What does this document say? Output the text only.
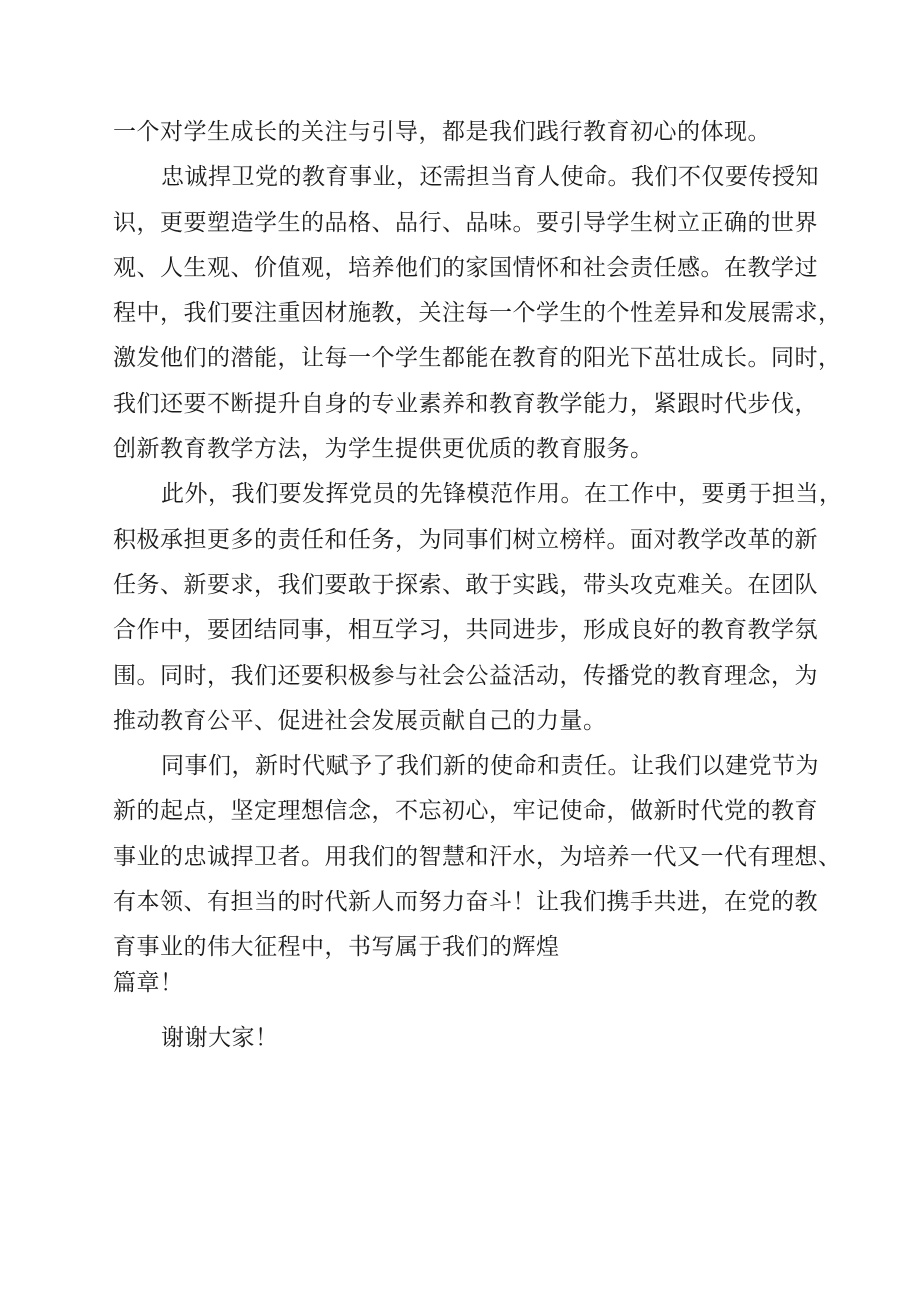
一个对学生成长的关注与引导，都是我们践行教育初心的体现。
忠诚捍卫党的教育事业，还需担当育人使命。我们不仅要传授知
识，更要塑造学生的品格、品行、品味。要引导学生树立正确的世界
观、人生观、价值观，培养他们的家国情怀和社会责任感。在教学过
程中，我们要注重因材施教，关注每一个学生的个性差异和发展需求，
激发他们的潜能，让每一个学生都能在教育的阳光下茁壮成长。同时，
我们还要不断提升自身的专业素养和教育教学能力，紧跟时代步伐，
创新教育教学方法，为学生提供更优质的教育服务。
此外，我们要发挥党员的先锋模范作用。在工作中，要勇于担当，
积极承担更多的责任和任务，为同事们树立榜样。面对教学改革的新
任务、新要求，我们要敢于探索、敢于实践，带头攻克难关。在团队
合作中，要团结同事，相互学习，共同进步，形成良好的教育教学氛
围。同时，我们还要积极参与社会公益活动，传播党的教育理念，为
推动教育公平、促进社会发展贡献自己的力量。
同事们，新时代赋予了我们新的使命和责任。让我们以建党节为
新的起点，坚定理想信念，不忘初心，牢记使命，做新时代党的教育
事业的忠诚捍卫者。用我们的智慧和汗水，为培养一代又一代有理想、
有本领、有担当的时代新人而努力奋斗！让我们携手共进，在党的教
育事业的伟大征程中，书写属于我们的辉煌
篇章！
谢谢大家！
